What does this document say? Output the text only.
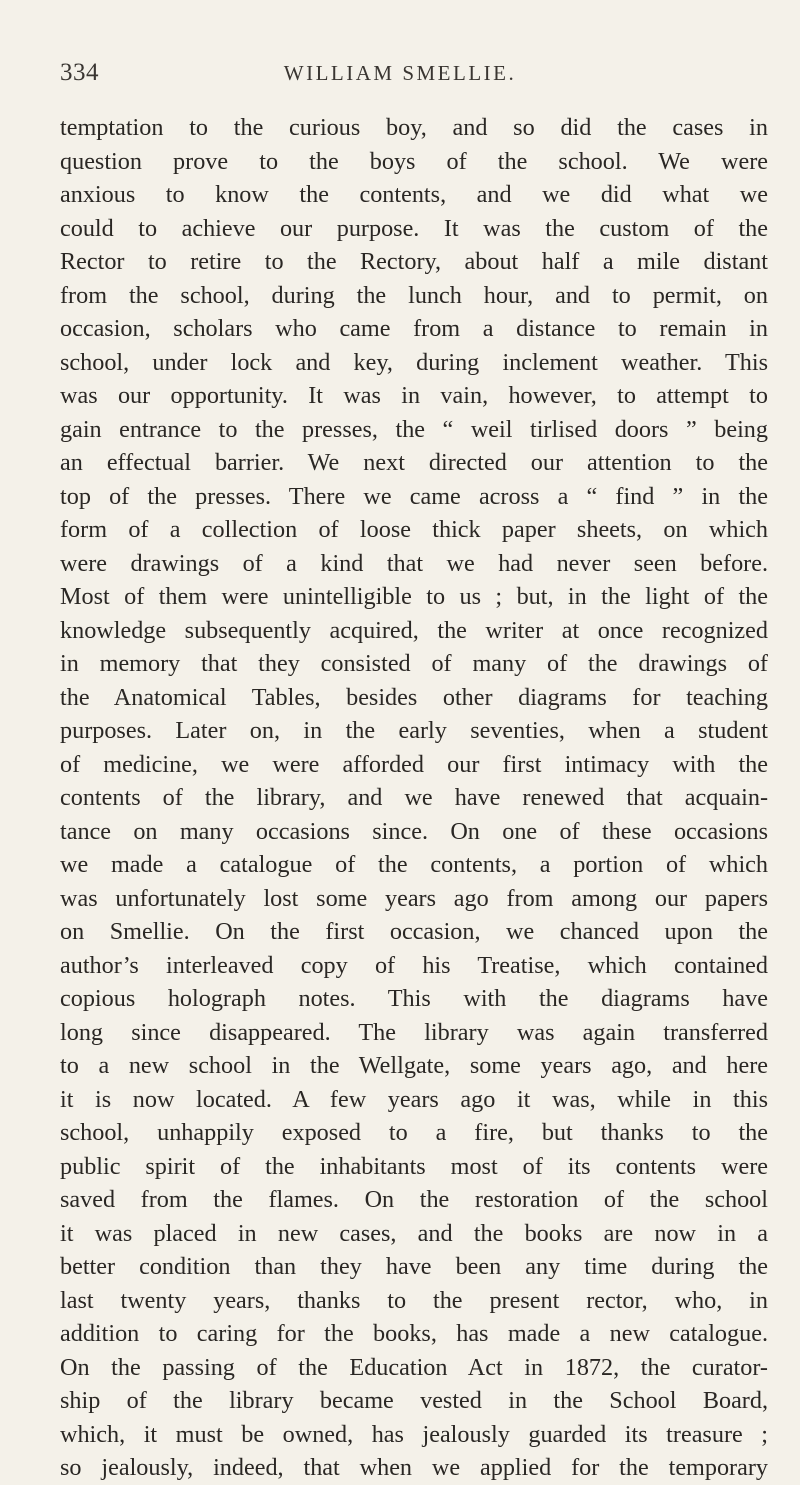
334	WILLIAM SMELLIE.
temptation to the curious boy, and so did the cases in
question prove to the boys of the school. We were
anxious to know the contents, and we did what we
could to achieve our purpose. It was the custom of the
Rector to retire to the Rectory, about half a mile distant
from the school, during the lunch hour, and to permit, on
occasion, scholars who came from a distance to remain in
school, under lock and key, during inclement weather. This
was our opportunity. It was in vain, however, to attempt to
gain entrance to the presses, the “ weil tirlised doors ” being
an effectual barrier. We next directed our attention to the
top of the presses. There we came across a “ find ” in the
form of a collection of loose thick paper sheets, on which
were drawings of a kind that we had never seen before.
Most of them were unintelligible to us ; but, in the light of the
knowledge subsequently acquired, the writer at once recognized
in memory that they consisted of many of the drawings of
the Anatomical Tables, besides other diagrams for teaching
purposes. Later on, in the early seventies, when a student
of medicine, we were afforded our first intimacy with the
contents of the library, and we have renewed that acquain-
tance on many occasions since. On one of these occasions
we made a catalogue of the contents, a portion of which
was unfortunately lost some years ago from among our papers
on Smellie. On the first occasion, we chanced upon the
author’s interleaved copy of his Treatise, which contained
copious holograph notes. This with the diagrams have
long since disappeared. The library was again transferred
to a new school in the Wellgate, some years ago, and here
it is now located. A few years ago it was, while in this
school, unhappily exposed to a fire, but thanks to the
public spirit of the inhabitants most of its contents were
saved from the flames. On the restoration of the school
it was placed in new cases, and the books are now in a
better condition than they have been any time during the
last twenty years, thanks to the present rector, who, in
addition to caring for the books, has made a new catalogue.
On the passing of the Education Act in 1872, the curator-
ship of the library became vested in the School Board,
which, it must be owned, has jealously guarded its treasure ;
so jealously, indeed, that when we applied for the temporary
